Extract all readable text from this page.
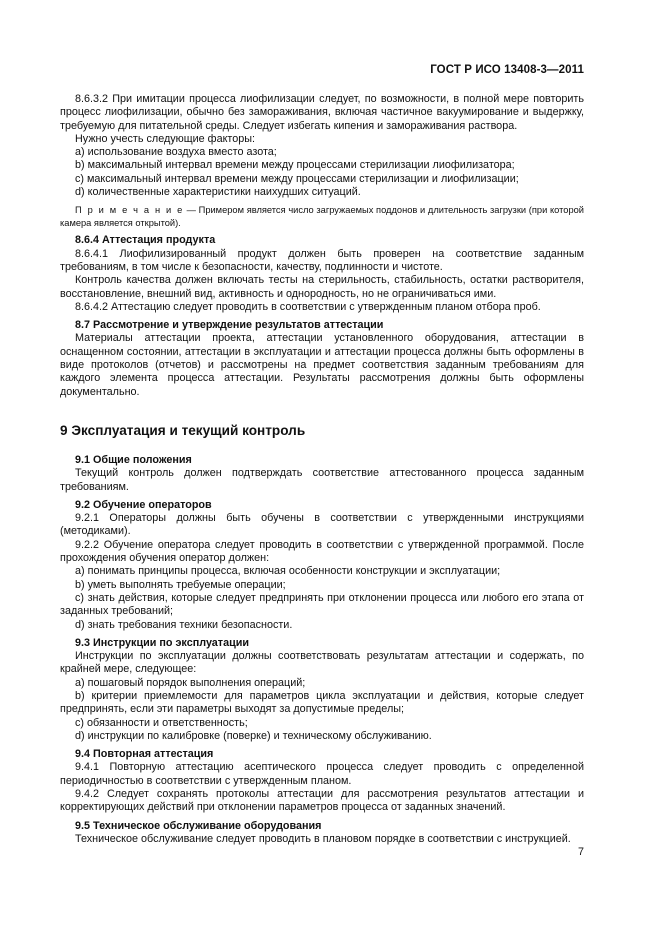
ГОСТ Р ИСО 13408-3—2011

8.6.3.2 При имитации процесса лиофилизации следует, по возможности, в полной мере повторить процесс лиофилизации, обычно без замораживания, включая частичное вакуумирование и выдержку, требуемую для питательной среды. Следует избегать кипения и замораживания раствора.

Нужно учесть следующие факторы:

a) использование воздуха вместо азота;

b) максимальный интервал времени между процессами стерилизации лиофилизатора;

c) максимальный интервал времени между процессами стерилизации и лиофилизации;

d) количественные характеристики наихудших ситуаций.

П р и м е ч а н и е — Примером является число загружаемых поддонов и длительность загрузки (при которой камера является открытой).

8.6.4 Аттестация продукта

8.6.4.1 Лиофилизированный продукт должен быть проверен на соответствие заданным требованиям, в том числе к безопасности, качеству, подлинности и чистоте.

Контроль качества должен включать тесты на стерильность, стабильность, остатки растворителя, восстановление, внешний вид, активность и однородность, но не ограничиваться ими.

8.6.4.2 Аттестацию следует проводить в соответствии с утвержденным планом отбора проб.

8.7 Рассмотрение и утверждение результатов аттестации

Материалы аттестации проекта, аттестации установленного оборудования, аттестации в оснащенном состоянии, аттестации в эксплуатации и аттестации процесса должны быть оформлены в виде протоколов (отчетов) и рассмотрены на предмет соответствия заданным требованиям для каждого элемента процесса аттестации. Результаты рассмотрения должны быть оформлены документально.

9 Эксплуатация и текущий контроль

9.1 Общие положения

Текущий контроль должен подтверждать соответствие аттестованного процесса заданным требованиям.

9.2 Обучение операторов

9.2.1 Операторы должны быть обучены в соответствии с утвержденными инструкциями (методиками).

9.2.2 Обучение оператора следует проводить в соответствии с утвержденной программой. После прохождения обучения оператор должен:

a) понимать принципы процесса, включая особенности конструкции и эксплуатации;

b) уметь выполнять требуемые операции;

c) знать действия, которые следует предпринять при отклонении процесса или любого его этапа от заданных требований;

d) знать требования техники безопасности.

9.3 Инструкции по эксплуатации

Инструкции по эксплуатации должны соответствовать результатам аттестации и содержать, по крайней мере, следующее:

a) пошаговый порядок выполнения операций;

b) критерии приемлемости для параметров цикла эксплуатации и действия, которые следует предпринять, если эти параметры выходят за допустимые пределы;

c) обязанности и ответственность;

d) инструкции по калибровке (поверке) и техническому обслуживанию.

9.4 Повторная аттестация

9.4.1 Повторную аттестацию асептического процесса следует проводить с определенной периодичностью в соответствии с утвержденным планом.

9.4.2 Следует сохранять протоколы аттестации для рассмотрения результатов аттестации и корректирующих действий при отклонении параметров процесса от заданных значений.

9.5 Техническое обслуживание оборудования

Техническое обслуживание следует проводить в плановом порядке в соответствии с инструкцией.

7
